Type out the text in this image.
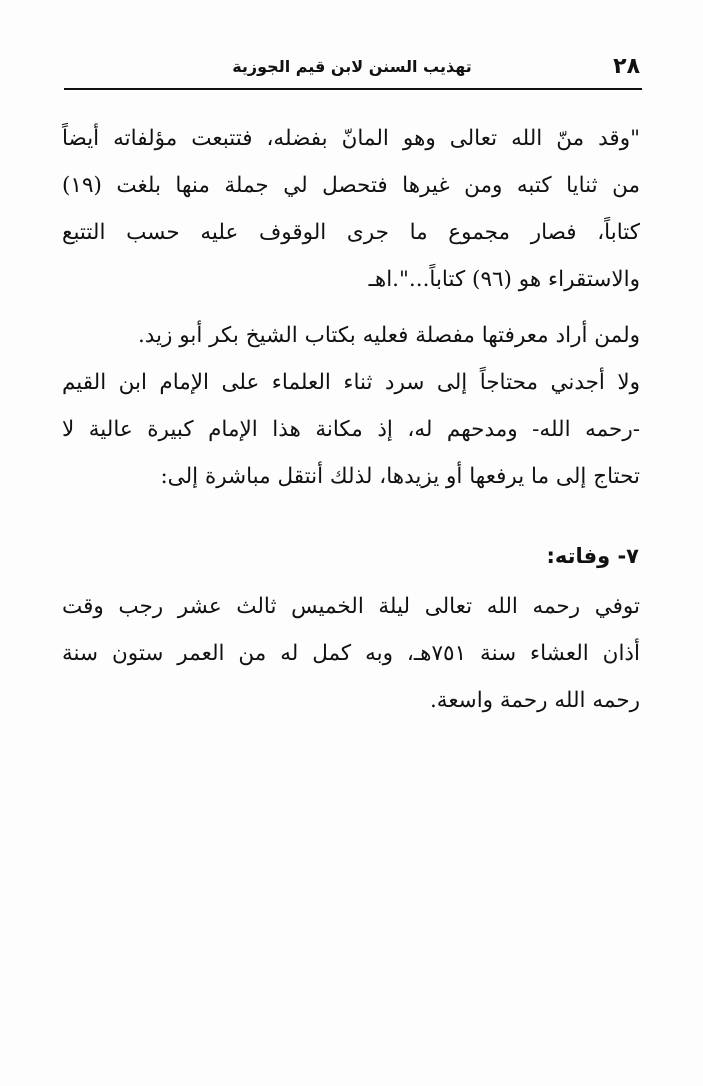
٢٨
تهذيب السنن لابن قيم الجوزية
"وقد منّ الله تعالى وهو المانّ بفضله، فتتبعت مؤلفاته أيضاً
من ثنايا كتبه ومن غيرها فتحصل لي جملة منها بلغت (١٩)
كتاباً، فصار مجموع ما جرى الوقوف عليه حسب التتبع
والاستقراء هو (٩٦) كتاباً...".اهـ
ولمن أراد معرفتها مفصلة فعليه بكتاب الشيخ بكر أبو زيد.
ولا أجدني محتاجاً إلى سرد ثناء العلماء على الإمام ابن القيم
-رحمه الله- ومدحهم له، إذ مكانة هذا الإمام كبيرة عالية لا
تحتاج إلى ما يرفعها أو يزيدها، لذلك أنتقل مباشرة إلى:
٧- وفاته:
توفي رحمه الله تعالى ليلة الخميس ثالث عشر رجب وقت
أذان العشاء سنة ٧٥١هـ، وبه كمل له من العمر ستون سنة
رحمه الله رحمة واسعة.
